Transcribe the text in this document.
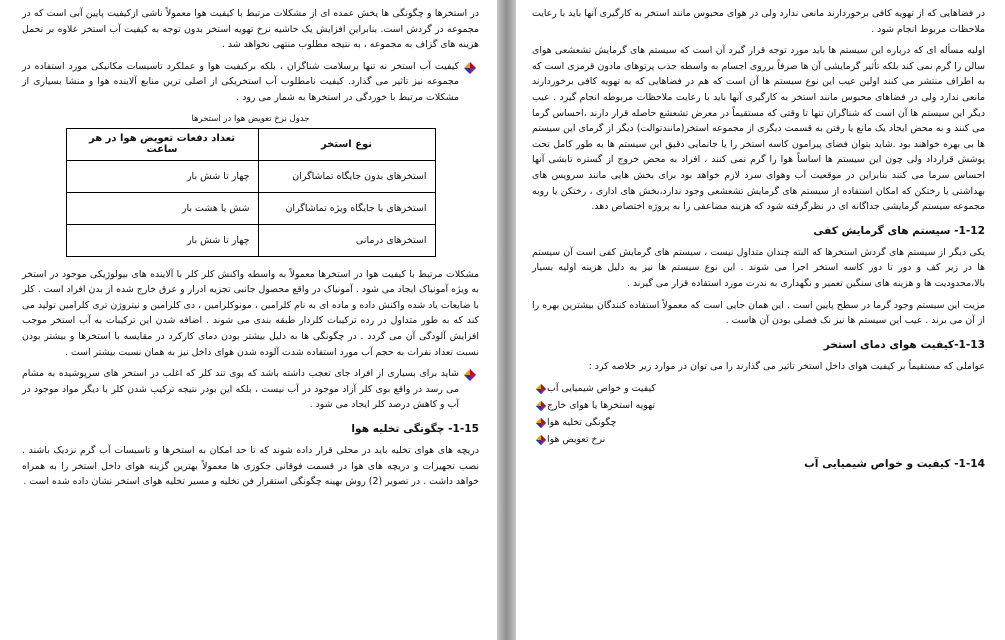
در استخرها و چگونگی ها یخش عمده ای از مشکلات مرتبط با کیفیت هوا معمولاً ناشی ازکیفیت پایین آبی است که در مجموعه در گردش است. بنابراین افزایش یک حاشیه نرخ تهویه استخر بدون توجه به کیفیت آب استخر علاوه بر تحمل هزینه های گزاف به مجموعه ، به نتیجه مطلوب منتهی نخواهد شد .

کیفیت آب استخر نه تنها برسلامت شناگران ، بلکه برکیفیت هوا و عملکرد تاسیسات مکانیکی مورد استفاده در مجموعه نیز تاثیر می گذارد. کیفیت نامطلوب آب استخریکی از اصلی ترین منابع آلاینده هوا و منشا بسیاری از مشکلات مرتبط با خوردگی در استخرها به شمار می رود .

جدول نرخ تعویض هوا در استخرها
نوع استخر	تعداد دفعات تعویض هوا در هر ساعت
استخرهای بدون جایگاه تماشاگران	چهار تا شش بار
استخرهای با جایگاه ویژه تماشاگران	شش یا هشت بار
استخرهای درمانی	چهار تا شش بار

مشکلات مرتبط با کیفیت هوا در استخرها معمولاً به واسطه واکنش کلر کلر با آلاینده های بیولوژیکی موجود در استخر به ویژه آمونیاک ایجاد می شود . آمونیاک در واقع محصول جانبی تجزیه ادرار و عرق خارج شده از بدن افراد است . کلر با ضایعات یاد شده واکنش داده و ماده ای به نام کلرامین ، مونوکلرامین ، دی کلرامین و نیتروژن تری کلرامین تولید می کند که به طور متداول در رده ترکیبات کلردار طبقه بندی می شوند . اضافه شدن این ترکیبات به آب استخر موجب افزایش آلودگی آن می گردد . در چگونگی ها به دلیل بیشتر بودن دمای کارکرد در مقایسه با استخرها و بیشتر بودن نسبت تعداد نفرات به حجم آب مورد استفاده شدت آلوده شدن هوای داخل نیز به همان نسبت بیشتر است .

شاید برای بسیاری از افراد جای تعجب داشته باشد که بوی تند کلر که اغلب در استخر های سرپوشیده به مشام می رسد در واقع بوی کلر آزاد موجود در آب نیست ، بلکه این بودر نتیجه ترکیب شدن کلر با دیگر مواد موجود در آب و کاهش درصد کلر ایجاد می شود .

1-15- چگونگی تخلیه هوا

دریچه های هوای تخلیه باید در محلی قرار داده شوند که تا حد امکان به استخرها و تاسیسات آب گرم نزدیک باشند . نصب تجهیزات و دریچه های هوا در قسمت فوقانی جکوزی ها معمولاً بهترین گزینه هوای داخل استخر را به همراه خواهد داشت . در تصویر (2) روش بهینه چگونگی استقرار فن تخلیه و مسیر تخلیه هوای استخر نشان داده شده است .

در فضاهایی که از تهویه کافی برخوردارند مانعی ندارد ولی در هوای محبوس مانند استخر به کارگیری آنها باید با رعایت ملاحظات مربوط انجام شود .

اولیه مسأله ای که درباره این سیستم ها باید مورد توجه قرار گیرد آن است که سیستم های گرمایش تشعشعی هوای سالن را گرم نمی کند بلکه تأثیر گرمایشی آن ها صرفاً برروی اجسام به واسطه جذب پرتوهای مادون قرمزی است که به اطراف منتشر می کنند اولین عیب این نوع سیستم ها آن است که هم در فضاهایی که به تهویه کافی برخوردارند مانعی ندارد ولی در فضاهای محبوس مانند استخر به کارگیری آنها باید با رعایت ملاحظات مربوطه انجام گیرد . عیب دیگر این سیستم ها آن است که شناگران تنها تا وقتی که مستقیماً در معرض تشعشع حاصله قرار دارند ،احساس گرما می کنند و به محض ایجاد یک مانع یا رفتن به قسمت دیگری از مجموعه استخر(مانندتوالت) دیگر از گرمای این سیستم ها بی بهره خواهند بود .شاید بتوان فضای پیرامون کاسه استخر را یا جانمایی دقیق این سیستم ها به طور کامل تحت پوشش قرارداد ولی چون این سیستم ها اساساً هوا را گرم نمی کنند ، افراد به محض خروج از گستره تابشی آنها احساس سرما می کنند بنابراین در موقعیت آب وهوای سرد لازم خواهد بود برای بخش هایی مانند سرویس های بهداشتی یا رختکن که امکان استفاده از سیستم های گرمایش تشعشعی وجود ندارد،بخش های اداری ، رختکن یا روبه مجموعه سیستم گرمایشی جداگانه ای در نظرگرفته شود که هزینه مضاعفی را به پروژه اختصاص دهد.

1-12- سیستم های گرمایش کفی

یکی دیگر از سیستم های گردش استخرها که البته چندان متداول نیست ، سیستم های گرمایش کفی است آن سیستم ها در زیر کف و دور تا دور کاسه استخر اجرا می شوند . این نوع سیستم ها نیز به دلیل هزینه اولیه بسیار بالا،محدودیت ها و هزینه های سنگین تعمیر و نگهداری به ندرت مورد استفاده قرار می گیرند .

مزیت این سیستم وجود گرما در سطح پایین است . این همان جایی است که معمولاً استفاده کنندگان بیشترین بهره را از آن می برند . عیب این سیستم ها نیز نک فصلی بودن آن هاست .

1-13-کیفیت هوای دمای استخر

عواملی که مستقیماً بر کیفیت هوای داخل استخر تاثیر می گذارند را می توان در موارد زیر خلاصه کرد :

کیفیت و خواص شیمیایی آب
تهویه استخرها یا هوای خارج
چگونگی تخلیه هوا
نرخ تعویض هوا
1-14- کیفیت و خواص شیمیایی آب
